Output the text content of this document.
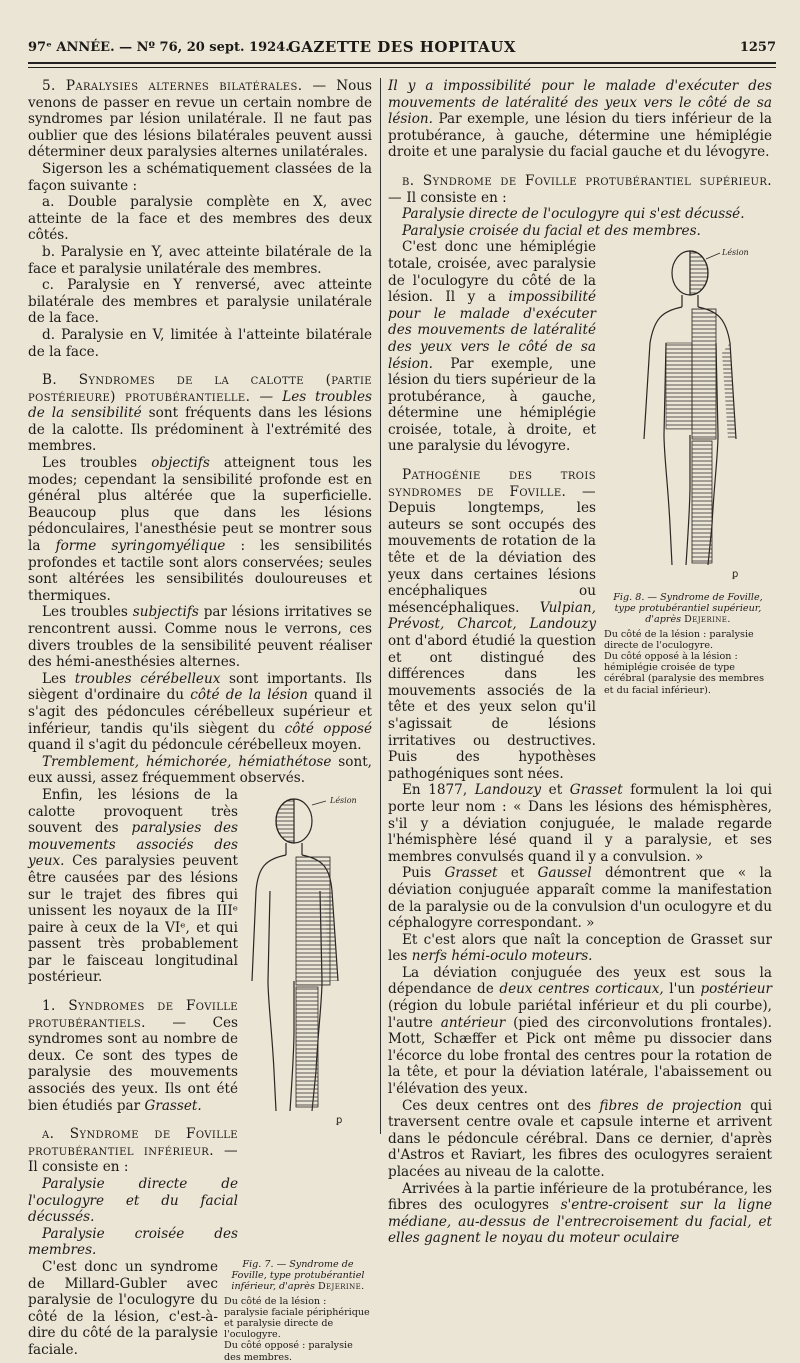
97ᵉ ANNÉE. — Nº 76, 20 sept. 1924.
GAZETTE DES HOPITAUX	1257

5. Paralysies alternes bilatérales. — Nous venons de passer en revue un certain nombre de syndromes par lésion unilatérale. Il ne faut pas oublier que des lésions bilatérales peuvent aussi déterminer deux paralysies alternes unilatérales.

Sigerson les a schématiquement classées de la façon suivante :

a. Double paralysie complète en X, avec atteinte de la face et des membres des deux côtés.

b. Paralysie en Y, avec atteinte bilatérale de la face et paralysie unilatérale des membres.

c. Paralysie en Y renversé, avec atteinte bilatérale des membres et paralysie unilatérale de la face.

d. Paralysie en V, limitée à l'atteinte bilatérale de la face.

B. Syndromes de la calotte (partie postérieure) protubérantielle. — Les troubles de la sensibilité sont fréquents dans les lésions de la calotte. Ils prédominent à l'extrémité des membres.

Les troubles objectifs atteignent tous les modes; cependant la sensibilité profonde est en général plus altérée que la superficielle. Beaucoup plus que dans les lésions pédonculaires, l'anesthésie peut se montrer sous la forme syringomyélique : les sensibilités profondes et tactile sont alors conservées; seules sont altérées les sensibilités douloureuses et thermiques.

Les troubles subjectifs par lésions irritatives se rencontrent aussi. Comme nous le verrons, ces divers troubles de la sensibilité peuvent réaliser des hémi-anesthésies alternes.

Les troubles cérébelleux sont importants. Ils siègent d'ordinaire du côté de la lésion quand il s'agit des pédoncules cérébelleux supérieur et inférieur, tandis qu'ils siègent du côté opposé quand il s'agit du pédoncule cérébelleux moyen.

Tremblement, hémichorée, hémiathétose sont, eux aussi, assez fréquemment observés.

Enfin, les lésions de la calotte provoquent très souvent des paralysies des mouvements associés des yeux. Ces paralysies peuvent être causées par des lésions sur le trajet des fibres qui unissent les noyaux de la IIIᵉ paire à ceux de la VIᵉ, et qui passent très probablement par le faisceau longitudinal postérieur.

1. Syndromes de Foville protubérantiels. — Ces syndromes sont au nombre de deux. Ce sont des types de paralysie des mouvements associés des yeux. Ils ont été bien étudiés par Grasset.

a. Syndrome de Foville protubérantiel inférieur. — Il consiste en :

Paralysie directe de l'oculogyre et du facial décussés.

Paralysie croisée des membres.

Lésion
ꝑ

C'est donc un syndrome de Millard-Gubler avec paralysie de l'oculogyre du côté de la lésion, c'est-à-dire du côté de la paralysie faciale.

Fig. 7. — Syndrome de Foville, type protubérantiel inférieur, d'après Dejerine.
Du côté de la lésion : paralysie faciale périphérique et paralysie directe de l'oculogyre.
Du côté opposé : paralysie des membres.

Il y a impossibilité pour le malade d'exécuter des mouvements de latéralité des yeux vers le côté de sa lésion. Par exemple, une lésion du tiers inférieur de la protubérance, à gauche, détermine une hémiplégie droite et une paralysie du facial gauche et du lévogyre.

b. Syndrome de Foville protubérantiel supérieur. — Il consiste en :

Paralysie directe de l'oculogyre qui s'est décussé.

Paralysie croisée du facial et des membres.

C'est donc une hémiplégie totale, croisée, avec paralysie de l'oculogyre du côté de la lésion. Il y a impossibilité pour le malade d'exécuter des mouvements de latéralité des yeux vers le côté de sa lésion. Par exemple, une lésion du tiers supérieur de la protubérance, à gauche, détermine une hémiplégie croisée, totale, à droite, et une paralysie du lévogyre.

Pathogénie des trois syndromes de Foville. — Depuis longtemps, les auteurs se sont occupés des mouvements de rotation de la tête et de la déviation des yeux dans certaines lésions encéphaliques ou mésencéphaliques. Vulpian, Prévost, Charcot, Landouzy ont d'abord étudié la question et ont distingué des différences dans les mouvements associés de la tête et des yeux selon qu'il s'agissait de lésions irritatives ou destructives. Puis des hypothèses pathogéniques sont nées.

Lésion
ꝑ
Fig. 8. — Syndrome de Foville, type protubérantiel supérieur, d'après Dejerine.
Du côté de la lésion : paralysie directe de l'oculogyre.
Du côté opposé à la lésion : hémiplégie croisée de type cérébral (paralysie des membres et du facial inférieur).

En 1877, Landouzy et Grasset formulent la loi qui porte leur nom : « Dans les lésions des hémisphères, s'il y a déviation conjuguée, le malade regarde l'hémisphère lésé quand il y a paralysie, et ses membres convulsés quand il y a convulsion. »

Puis Grasset et Gaussel démontrent que « la déviation conjuguée apparaît comme la manifestation de la paralysie ou de la convulsion d'un oculogyre et du céphalogyre correspondant. »

Et c'est alors que naît la conception de Grasset sur les nerfs hémi-oculo moteurs.

La déviation conjuguée des yeux est sous la dépendance de deux centres corticaux, l'un postérieur (région du lobule pariétal inférieur et du pli courbe), l'autre antérieur (pied des circonvolutions frontales). Mott, Schæffer et Pick ont même pu dissocier dans l'écorce du lobe frontal des centres pour la rotation de la tête, et pour la déviation latérale, l'abaissement ou l'élévation des yeux.

Ces deux centres ont des fibres de projection qui traversent centre ovale et capsule interne et arrivent dans le pédoncule cérébral. Dans ce dernier, d'après d'Astros et Raviart, les fibres des oculogyres seraient placées au niveau de la calotte.

Arrivées à la partie inférieure de la protubérance, les fibres des oculogyres s'entre-croisent sur la ligne médiane, au-dessus de l'entrecroisement du facial, et elles gagnent le noyau du moteur oculaire
